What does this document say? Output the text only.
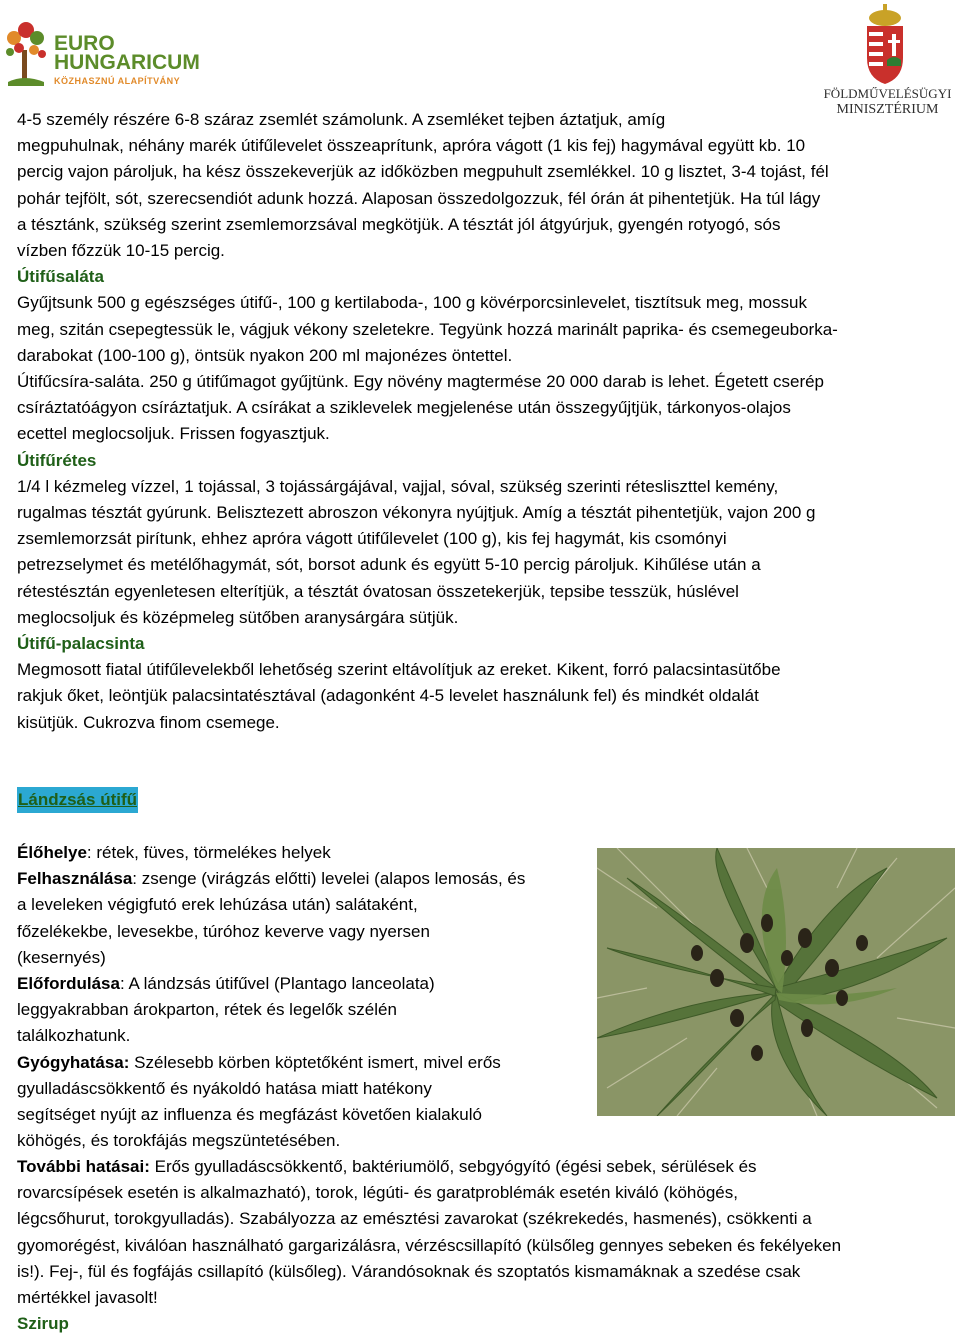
EURO
HUNGARICUM
KÖZHASZNÚ ALAPÍTVÁNY
FÖLDMŰVELÉSÜGYI
MINISZTÉRIUM

4-5 személy részére 6-8 száraz zsemlét számolunk. A zsemléket tejben áztatjuk, amíg

megpuhulnak, néhány marék útifűlevelet összeaprítunk, apróra vágott (1 kis fej) hagymával együtt kb. 10

percig vajon pároljuk, ha kész összekeverjük az időközben megpuhult zsemlékkel. 10 g lisztet, 3-4 tojást, fél

pohár tejfölt, sót, szerecsendiót adunk hozzá. Alaposan összedolgozzuk, fél órán át pihentetjük. Ha túl lágy

a tésztánk, szükség szerint zsemlemorzsával megkötjük. A tésztát jól átgyúrjuk, gyengén rotyogó, sós

vízben főzzük 10-15 percig.

Útifűsaláta

Gyűjtsunk 500 g egészséges útifű-, 100 g kertilaboda-, 100 g kövérporcsinlevelet, tisztítsuk meg, mossuk

meg, szitán csepegtessük le, vágjuk vékony szeletekre. Tegyünk hozzá marinált paprika- és csemegeuborka-

darabokat (100-100 g), öntsük nyakon 200 ml majonézes öntettel.

Útifűcsíra-saláta. 250 g útifűmagot gyűjtünk. Egy növény magtermése 20 000 darab is lehet. Égetett cserép

csíráztatóágyon csíráztatjuk. A csírákat a sziklevelek megjelenése után összegyűjtjük, tárkonyos-olajos

ecettel meglocsoljuk. Frissen fogyasztjuk.

Útifűrétes

1/4 l kézmeleg vízzel, 1 tojással, 3 tojássárgájával, vajjal, sóval, szükség szerinti rétesliszttel kemény,

rugalmas tésztát gyúrunk. Belisztezett abroszon vékonyra nyújtjuk. Amíg a tésztát pihentetjük, vajon 200 g

zsemlemorzsát pirítunk, ehhez apróra vágott útifűlevelet (100 g), kis fej hagymát, kis csomónyi

petrezselymet és metélőhagymát, sót, borsot adunk és együtt 5-10 percig pároljuk. Kihűlése után a

rétestésztán egyenletesen elterítjük, a tésztát óvatosan összetekerjük, tepsibe tesszük, húslével

meglocsoljuk és középmeleg sütőben aranysárgára sütjük.

Útifű-palacsinta

Megmosott fiatal útifűlevelekből lehetőség szerint eltávolítjuk az ereket. Kikent, forró palacsintasütőbe

rakjuk őket, leöntjük palacsintatésztával (adagonként 4-5 levelet használunk fel) és mindkét oldalát

kisütjük. Cukrozva finom csemege.

Lándzsás útifű

Élőhelye: rétek, füves, törmelékes helyek

Felhasználása: zsenge (virágzás előtti) levelei (alapos lemosás, és

a leveleken végigfutó erek lehúzása után) salátaként,

főzelékekbe, levesekbe, túróhoz keverve vagy nyersen

(kesernyés)

Előfordulása: A lándzsás útifűvel (Plantago lanceolata)

leggyakrabban árokparton, rétek és legelők szélén

találkozhatunk.

Gyógyhatása: Szélesebb körben köptetőként ismert, mivel erős

gyulladáscsökkentő és nyákoldó hatása miatt hatékony

segítséget nyújt az influenza és megfázást követően kialakuló

köhögés, és torokfájás megszüntetésében.

További hatásai: Erős gyulladáscsökkentő, baktériumölő, sebgyógyító (égési sebek, sérülések és

rovarcsípések esetén is alkalmazható), torok, légúti- és garatproblémák esetén kiváló (köhögés,

légcsőhurut, torokgyulladás). Szabályozza az emésztési zavarokat (székrekedés, hasmenés), csökkenti a

gyomorégést, kiválóan használható gargarizálásra, vérzéscsillapító (külsőleg gennyes sebeken és fekélyeken

is!). Fej-, fül és fogfájás csillapító (külsőleg). Várandósoknak és szoptatós kismamáknak a szedése csak

mértékkel javasolt!

Szirup
